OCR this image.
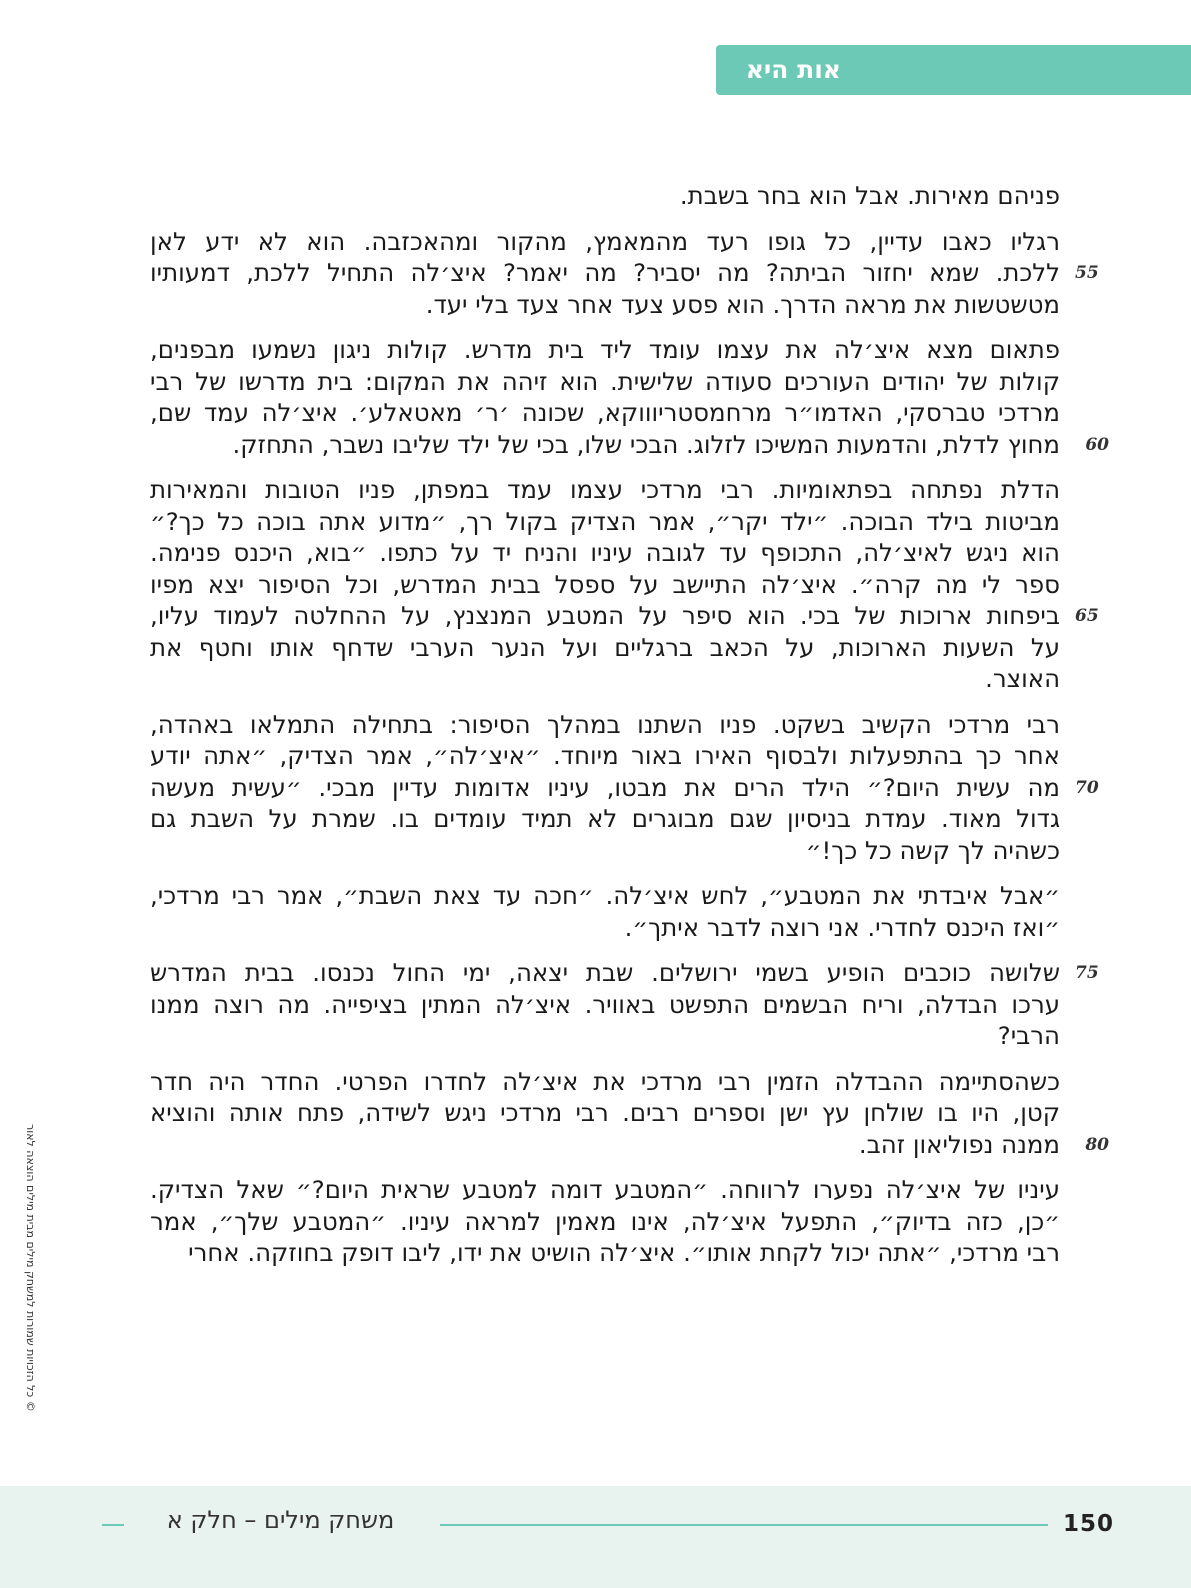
אות היא
פניהם מאירות. אבל הוא בחר בשבת.
רגליו כאבו עדיין, כל גופו רעד מהמאמץ, מהקור ומהאכזבה. הוא לא ידע לאן
ללכת. שמא יחזור הביתה? מה יסביר? מה יאמר? איצ׳לה התחיל ללכת, דמעותיו 55
מטשטשות את מראה הדרך. הוא פסע צעד אחר צעד בלי יעד.
פתאום מצא איצ׳לה את עצמו עומד ליד בית מדרש. קולות ניגון נשמעו מבפנים,
קולות של יהודים העורכים סעודה שלישית. הוא זיהה את המקום: בית מדרשו של רבי
מרדכי טברסקי, האדמו״ר מרחמסטריוווקא, שכונה ׳ר׳ מאטאלע׳. איצ׳לה עמד שם,
מחוץ לדלת, והדמעות המשיכו לזלוג. הבכי שלו, בכי של ילד שליבו נשבר, התחזק.	60
הדלת נפתחה בפתאומיות. רבי מרדכי עצמו עמד במפתן, פניו הטובות והמאירות
מביטות בילד הבוכה. ״ילד יקר״, אמר הצדיק בקול רך, ״מדוע אתה בוכה כל כך?״
הוא ניגש לאיצ׳לה, התכופף עד לגובה עיניו והניח יד על כתפו. ״בוא, היכנס פנימה.
ספר לי מה קרה״. איצ׳לה התיישב על ספסל בבית המדרש, וכל הסיפור יצא מפיו
ביפחות ארוכות של בכי. הוא סיפר על המטבע המנצנץ, על ההחלטה לעמוד עליו, 65
על השעות הארוכות, על הכאב ברגליים ועל הנער הערבי שדחף אותו וחטף את
האוצר.
רבי מרדכי הקשיב בשקט. פניו השתנו במהלך הסיפור: בתחילה התמלאו באהדה,
אחר כך בהתפעלות ולבסוף האירו באור מיוחד. ״איצ׳לה״, אמר הצדיק, ״אתה יודע
מה עשית היום?״ הילד הרים את מבטו, עיניו אדומות עדיין מבכי. ״עשית מעשה 70
גדול מאוד. עמדת בניסיון שגם מבוגרים לא תמיד עומדים בו. שמרת על השבת גם
כשהיה לך קשה כל כך!״
״אבל איבדתי את המטבע״, לחש איצ׳לה. ״חכה עד צאת השבת״, אמר רבי מרדכי,
״ואז היכנס לחדרי. אני רוצה לדבר איתך״.
שלושה כוכבים הופיע בשמי ירושלים. שבת יצאה, ימי החול נכנסו. בבית המדרש 75
ערכו הבדלה, וריח הבשמים התפשט באוויר. איצ׳לה המתין בציפייה. מה רוצה ממנו
הרבי?
כשהסתיימה ההבדלה הזמין רבי מרדכי את איצ׳לה לחדרו הפרטי. החדר היה חדר
קטן, היו בו שולחן עץ ישן וספרים רבים. רבי מרדכי ניגש לשידה, פתח אותה והוציא
ממנה נפוליאון זהב.	80
עיניו של איצ׳לה נפערו לרווחה. ״המטבע דומה למטבע שראית היום?״ שאל הצדיק.
״כן, כזה בדיוק״, התפעל איצ׳לה, אינו מאמין למראה עיניו. ״המטבע שלך״, אמר
רבי מרדכי, ״אתה יכול לקחת אותו״. איצ׳לה הושיט את ידו, ליבו דופק בחוזקה. אחרי
© כל הזכויות שמורות למשחק מילים מבית מילים הוצאה לאור
משחק מילים – חלק א	150
